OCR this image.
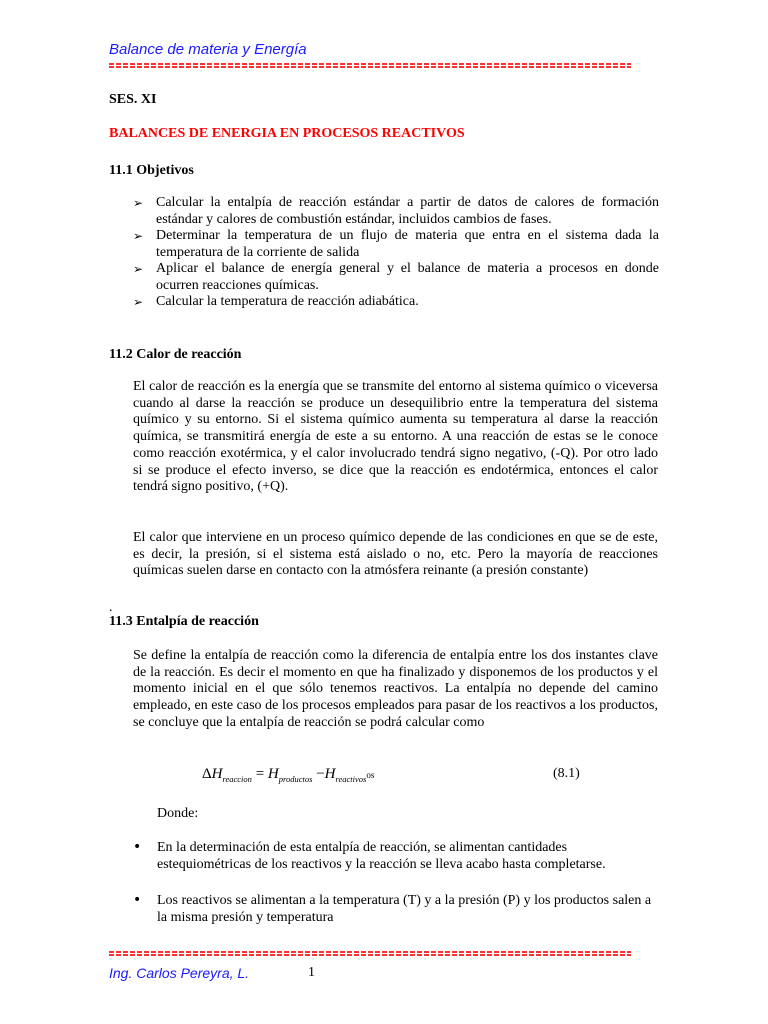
Balance de materia y Energía
SES. XI
BALANCES DE ENERGIA EN PROCESOS REACTIVOS
11.1 Objetivos
➢ Calcular la entalpía de reacción estándar a partir de datos de calores de formación estándar y calores de combustión estándar, incluidos cambios de fases.
➢ Determinar la temperatura de un flujo de materia que entra en el sistema dada la temperatura de la corriente de salida
➢ Aplicar el balance de energía general y el balance de materia a procesos en donde ocurren reacciones químicas.
➢ Calcular la temperatura de reacción adiabática.
11.2 Calor de reacción

El calor de reacción es la energía que se transmite del entorno al sistema químico o viceversa cuando al darse la reacción se produce un desequilibrio entre la temperatura del sistema químico y su entorno. Si el sistema químico aumenta su temperatura al darse la reacción química, se transmitirá energía de este a su entorno. A una reacción de estas se le conoce como reacción exotérmica, y el calor involucrado tendrá signo negativo, (-Q). Por otro lado si se produce el efecto inverso, se dice que la reacción es endotérmica, entonces el calor tendrá signo positivo, (+Q).

El calor que interviene en un proceso químico depende de las condiciones en que se de este, es decir, la presión, si el sistema está aislado o no, etc. Pero la mayoría de reacciones químicas suelen darse en contacto con la atmósfera reinante (a presión constante)

.
11.3 Entalpía de reacción

Se define la entalpía de reacción como la diferencia de entalpía entre los dos instantes clave de la reacción. Es decir el momento en que ha finalizado y disponemos de los productos y el momento inicial en el que sólo tenemos reactivos. La entalpía no depende del camino empleado, en este caso de los procesos empleados para pasar de los reactivos a los productos, se concluye que la entalpía de reacción se podrá calcular como

$\Delta H_{reaccion} = H_{productos} -H_{reactivos}os$	(8.1)
Donde:
• En la determinación de esta entalpía de reacción, se alimentan cantidades estequiométricas de los reactivos y la reacción se lleva acabo hasta completarse.
• Los reactivos se alimentan a la temperatura (T) y a la presión (P) y los productos salen a la misma presión y temperatura
Ing. Carlos Pereyra, L.	1
